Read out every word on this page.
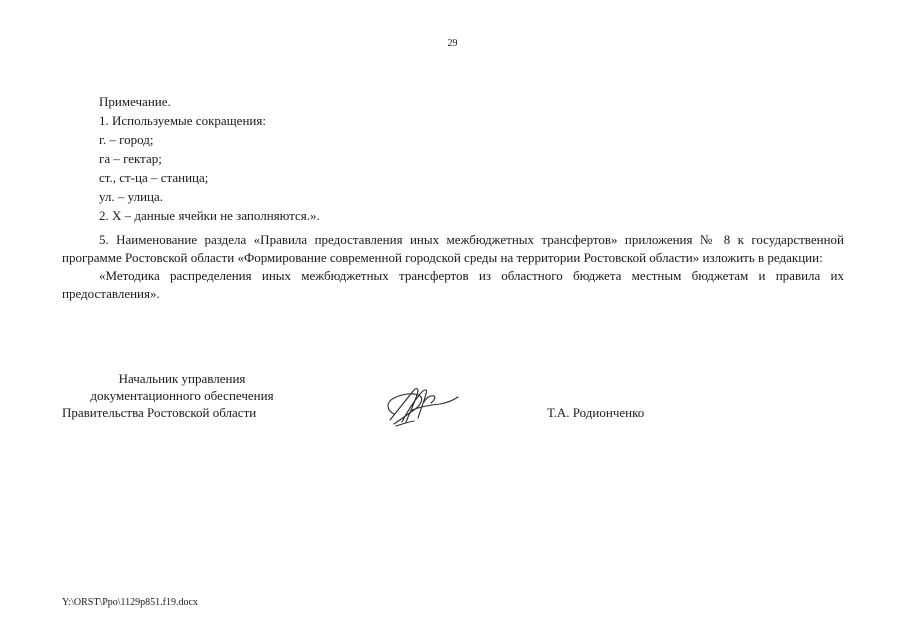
29
Примечание.
1. Используемые сокращения:
г. – город;
га – гектар;
ст., ст-ца – станица;
ул. – улица.
2. Х – данные ячейки не заполняются.».

5. Наименование раздела «Правила предоставления иных межбюджетных трансфертов» приложения № 8 к государственной программе Ростовской области «Формирование современной городской среды на территории Ростовской области» изложить в редакции:

«Методика распределения иных межбюджетных трансфертов из областного бюджета местным бюджетам и правила их предоставления».

Начальник управления
документационного обеспечения
Правительства Ростовской области	Т.А. Родионченко
Y:\ORST\Ppo\1129p851.f19.docx
